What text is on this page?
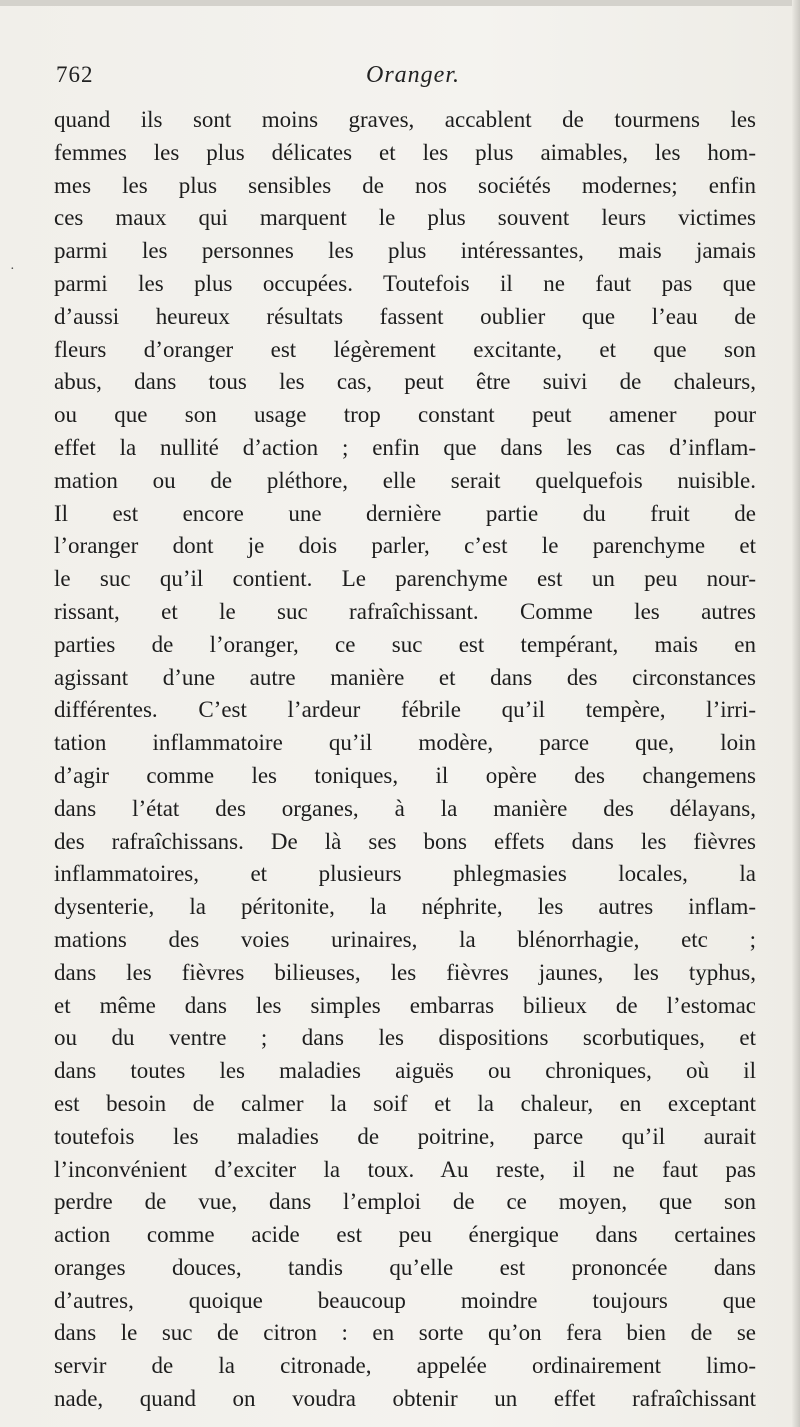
762	Oranger.
·
quand ils sont moins graves, accablent de tourmens les
femmes les plus délicates et les plus aimables, les hom-
mes les plus sensibles de nos sociétés modernes; enfin
ces maux qui marquent le plus souvent leurs victimes
parmi les personnes les plus intéressantes, mais jamais
parmi les plus occupées. Toutefois il ne faut pas que
d’aussi heureux résultats fassent oublier que l’eau de
fleurs d’oranger est légèrement excitante, et que son
abus, dans tous les cas, peut être suivi de chaleurs,
ou que son usage trop constant peut amener pour
effet la nullité d’action ; enfin que dans les cas d’inflam-
mation ou de pléthore, elle serait quelquefois nuisible.
Il est encore une dernière partie du fruit de
l’oranger dont je dois parler, c’est le parenchyme et
le suc qu’il contient. Le parenchyme est un peu nour-
rissant, et le suc rafraîchissant. Comme les autres
parties de l’oranger, ce suc est tempérant, mais en
agissant d’une autre manière et dans des circonstances
différentes. C’est l’ardeur fébrile qu’il tempère, l’irri-
tation inflammatoire qu’il modère, parce que, loin
d’agir comme les toniques, il opère des changemens
dans l’état des organes, à la manière des délayans,
des rafraîchissans. De là ses bons effets dans les fièvres
inflammatoires, et plusieurs phlegmasies locales, la
dysenterie, la péritonite, la néphrite, les autres inflam-
mations des voies urinaires, la blénorrhagie, etc ;
dans les fièvres bilieuses, les fièvres jaunes, les typhus,
et même dans les simples embarras bilieux de l’estomac
ou du ventre ; dans les dispositions scorbutiques, et
dans toutes les maladies aiguës ou chroniques, où il
est besoin de calmer la soif et la chaleur, en exceptant
toutefois les maladies de poitrine, parce qu’il aurait
l’inconvénient d’exciter la toux. Au reste, il ne faut pas
perdre de vue, dans l’emploi de ce moyen, que son
action comme acide est peu énergique dans certaines
oranges douces, tandis qu’elle est prononcée dans
d’autres, quoique beaucoup moindre toujours que
dans le suc de citron : en sorte qu’on fera bien de se
servir de la citronade, appelée ordinairement limo-
nade, quand on voudra obtenir un effet rafraîchissant
